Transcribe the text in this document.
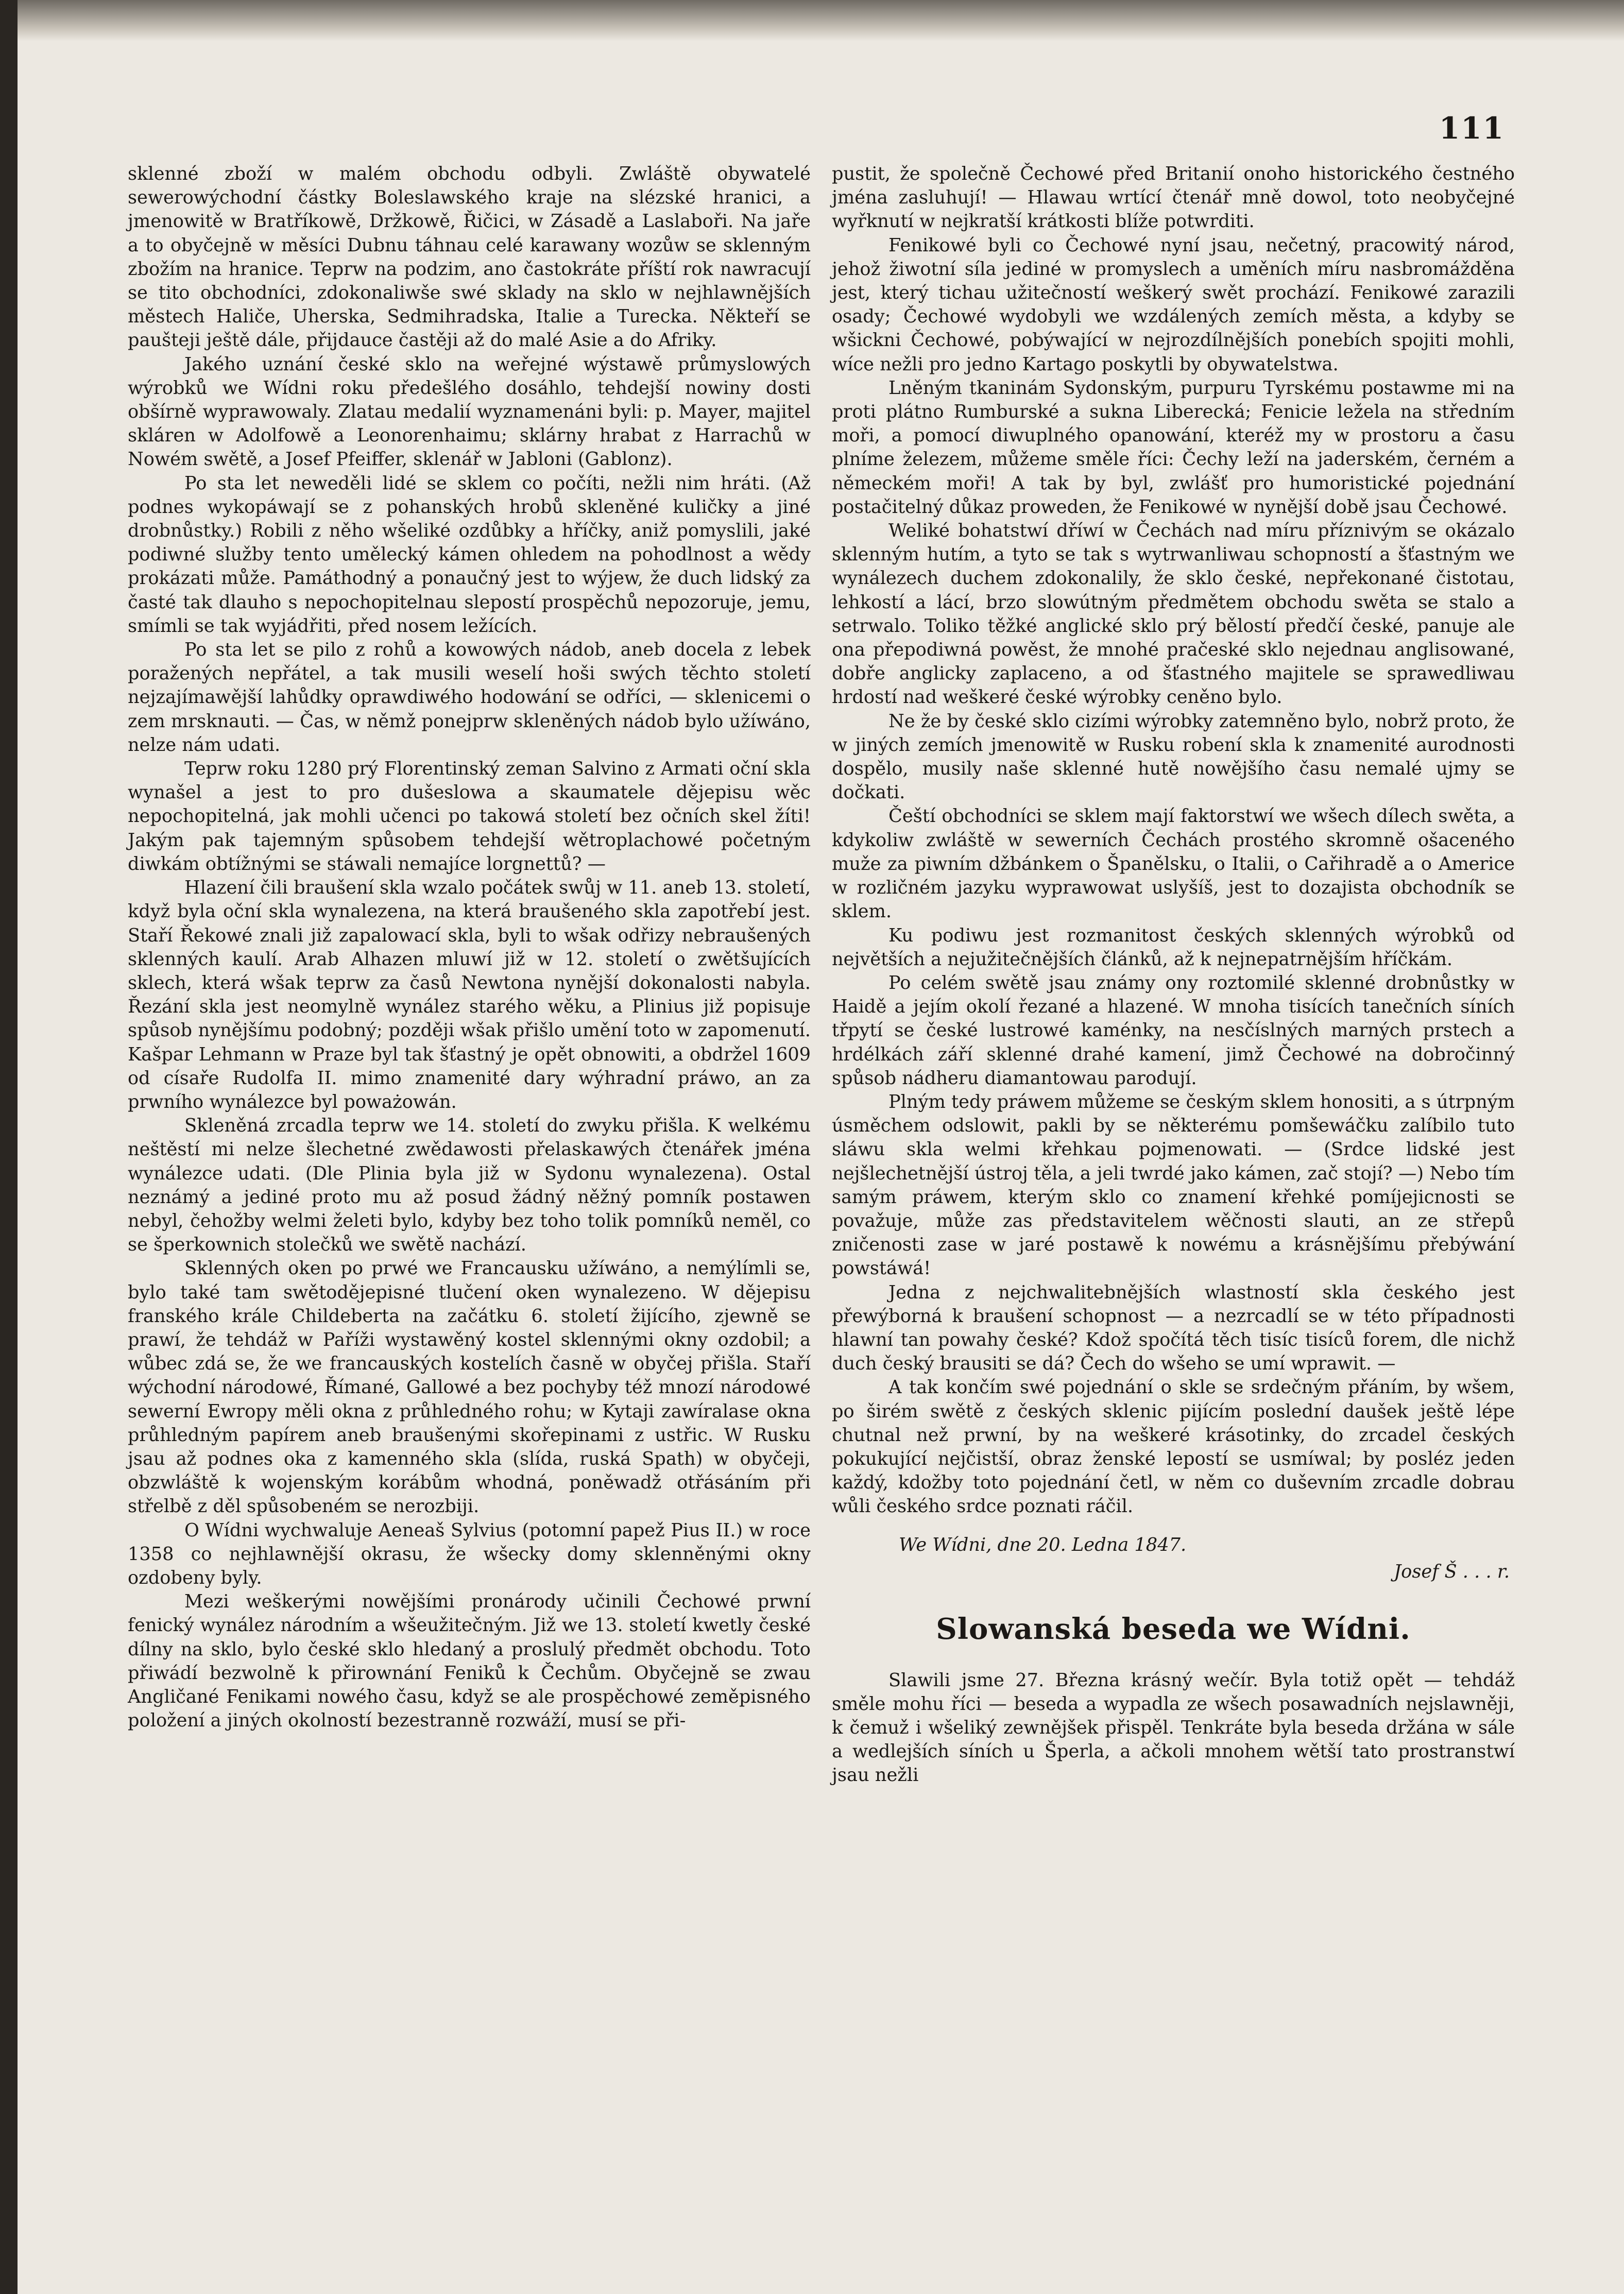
111

sklenné zboží w malém obchodu odbyli. Zwláště obywatelé sewerowýchodní částky Boleslawského kraje na slézské hranici, a jmenowitě w Bratříkowě, Držkowě, Řičici, w Zásadě a Laslaboři. Na jaře a to obyčejně w měsíci Dubnu táhnau celé karawany wozůw se sklenným zbožím na hranice. Teprw na podzim, ano častokráte příští rok nawracují se tito obchodníci, zdokonaliwše swé sklady na sklo w nejhlawnějších městech Haliče, Uherska, Sedmihradska, Italie a Turecka. Někteří se paušteji ještě dále, přijdauce častěji až do malé Asie a do Afriky.

Jakého uznání české sklo na weřejné wýstawě průmyslowých wýrobků we Wídni roku předešlého dosáhlo, tehdejší nowiny dosti obšírně wyprawowaly. Zlatau medalií wyznamenáni byli: p. Mayer, majitel skláren w Adolfowě a Leonorenhaimu; sklárny hrabat z Harrachů w Nowém swětě, a Josef Pfeiffer, sklenář w Jabloni (Gablonz).

Po sta let neweděli lidé se sklem co počíti, nežli nim hráti. (Až podnes wykopáwají se z pohanských hrobů skleněné kuličky a jiné drobnůstky.) Robili z něho wšeliké ozdůbky a hříčky, aniž pomyslili, jaké podiwné služby tento umělecký kámen ohledem na pohodlnost a wědy prokázati může. Památhodný a ponaučný jest to wýjew, že duch lidský za časté tak dlauho s nepochopitelnau slepostí prospěchů nepozoruje, jemu, smímli se tak wyjádřiti, před nosem ležících.

Po sta let se pilo z rohů a kowowých nádob, aneb docela z lebek poražených nepřátel, a tak musili weselí hoši swých těchto století nejzajímawější lahůdky oprawdiwého hodowání se odříci, — sklenicemi o zem mrsknauti. — Čas, w němž ponejprw skleněných nádob bylo užíwáno, nelze nám udati.

Teprw roku 1280 prý Florentinský zeman Salvino z Armati oční skla wynašel a jest to pro dušeslowa a skaumatele dějepisu wěc nepochopitelná, jak mohli učenci po takowá století bez očních skel žíti! Jakým pak tajemným spůsobem tehdejší wětroplachowé početným diwkám obtížnými se stáwali nemajíce lorgnettů? —

Hlazení čili braušení skla wzalo počátek swůj w 11. aneb 13. století, když byla oční skla wynalezena, na která braušeného skla zapotřebí jest. Staří Řekowé znali již zapalowací skla, byli to wšak odřizy nebraušených sklenných kaulí. Arab Alhazen mluwí již w 12. století o zwětšujících sklech, která wšak teprw za časů Newtona nynější dokonalosti nabyla. Řezání skla jest neomylně wynález starého wěku, a Plinius již popisuje spůsob nynějšímu podobný; později wšak přišlo umění toto w zapomenutí. Kašpar Lehmann w Praze byl tak šťastný je opět obnowiti, a obdržel 1609 od císaře Rudolfa II. mimo znamenité dary wýhradní práwo, an za prwního wynálezce byl poważowán.

Skleněná zrcadla teprw we 14. století do zwyku přišla. K welkému neštěstí mi nelze šlechetné zwědawosti přelaskawých čtenářek jména wynálezce udati. (Dle Plinia byla již w Sydonu wynalezena). Ostal neznámý a jediné proto mu až posud žádný něžný pomník postawen nebyl, čehožby welmi želeti bylo, kdyby bez toho tolik pomníků neměl, co se šperkownich stolečků we swětě nachází.

Sklenných oken po prwé we Francausku užíwáno, a nemýlímli se, bylo také tam swětodějepisné tlučení oken wynalezeno. W dějepisu franského krále Childeberta na začátku 6. století žijícího, zjewně se prawí, že tehdáž w Paříži wystawěný kostel sklennými okny ozdobil; a wůbec zdá se, že we francauských kostelích časně w obyčej přišla. Staří wýchodní národowé, Římané, Gallowé a bez pochyby též mnozí národowé sewerní Ewropy měli okna z průhledného rohu; w Kytaji zawíralase okna průhledným papírem aneb braušenými skořepinami z ustřic. W Rusku jsau až podnes oka z kamenného skla (slída, ruská Spath) w obyčeji, obzwláště k wojenským korábům whodná, poněwadž otřásáním při střelbě z děl spůsobeném se nerozbiji.

O Wídni wychwaluje Aeneaš Sylvius (potomní papež Pius II.) w roce 1358 co nejhlawnější okrasu, že wšecky domy sklenněnými okny ozdobeny byly.

Mezi weškerými nowějšími pronárody učinili Čechowé prwní fenický wynález národním a wšeužitečným. Již we 13. století kwetly české dílny na sklo, bylo české sklo hledaný a proslulý předmět obchodu. Toto přiwádí bezwolně k přirownání Feniků k Čechům. Obyčejně se zwau Angličané Fenikami nowého času, když se ale prospěchowé zeměpisného položení a jiných okolností bezestranně rozwáží, musí se při-

pustit, že společně Čechowé před Britanií onoho historického čestného jména zasluhují! — Hlawau wrtící čtenář mně dowol, toto neobyčejné wyřknutí w nejkratší krátkosti blíže potwrditi.

Fenikowé byli co Čechowé nyní jsau, nečetný, pracowitý národ, jehož žiwotní síla jediné w promyslech a uměních míru nasbromážděna jest, který tichau užitečností weškerý swět prochází. Fenikowé zarazili osady; Čechowé wydobyli we wzdálených zemích města, a kdyby se wšickni Čechowé, pobýwající w nejrozdílnějších ponebích spojiti mohli, wíce nežli pro jedno Kartago poskytli by obywatelstwa.

Lněným tkaninám Sydonským, purpuru Tyrskému postawme mi na proti plátno Rumburské a sukna Liberecká; Fenicie ležela na středním moři, a pomocí diwuplného opanowání, kteréž my w prostoru a času plníme železem, můžeme směle říci: Čechy leží na jaderském, černém a německém moři! A tak by byl, zwlášť pro humoristické pojednání postačitelný důkaz proweden, že Fenikowé w nynější době jsau Čechowé.

Weliké bohatstwí dříwí w Čechách nad míru příznivým se okázalo sklenným hutím, a tyto se tak s wytrwanliwau schopností a šťastným we wynálezech duchem zdokonalily, že sklo české, nepřekonané čistotau, lehkostí a lácí, brzo slowútným předmětem obchodu swěta se stalo a setrwalo. Toliko těžké anglické sklo prý bělostí předčí české, panuje ale ona přepodiwná powěst, že mnohé pračeské sklo nejednau anglisowané, dobře anglicky zaplaceno, a od šťastného majitele se sprawedliwau hrdostí nad weškeré české wýrobky ceněno bylo.

Ne že by české sklo cizími wýrobky zatemněno bylo, nobrž proto, že w jiných zemích jmenowitě w Rusku robení skla k znamenité aurodnosti dospělo, musily naše sklenné hutě nowějšího času nemalé ujmy se dočkati.

Čeští obchodníci se sklem mají faktorstwí we wšech dílech swěta, a kdykoliw zwláště w sewerních Čechách prostého skromně ošaceného muže za piwním džbánkem o Španělsku, o Italii, o Cařihradě a o Americe w rozličném jazyku wyprawowat uslyšíš, jest to dozajista obchodník se sklem.

Ku podiwu jest rozmanitost českých sklenných wýrobků od největších a nejužitečnějších článků, až k nejnepatrnějším hříčkám.

Po celém swětě jsau známy ony roztomilé sklenné drobnůstky w Haidě a jejím okolí řezané a hlazené. W mnoha tisících tanečních síních třpytí se české lustrowé kaménky, na nesčíslných marných prstech a hrdélkách září sklenné drahé kamení, jimž Čechowé na dobročinný spůsob nádheru diamantowau parodují.

Plným tedy práwem můžeme se českým sklem honositi, a s útrpným úsměchem odslowit, pakli by se některému pomšewáčku zalíbilo tuto sláwu skla welmi křehkau pojmenowati. — (Srdce lidské jest nejšlechetnější ústroj těla, a jeli twrdé jako kámen, zač stojí? —) Nebo tím samým práwem, kterým sklo co znamení křehké pomíjejicnosti se považuje, může zas představitelem wěčnosti slauti, an ze střepů zničenosti zase w jaré postawě k nowému a krásnějšímu přebýwání powstáwá!

Jedna z nejchwalitebnějších wlastností skla českého jest přewýborná k braušení schopnost — a nezrcadlí se w této případnosti hlawní tan powahy české? Kdož spočítá těch tisíc tisíců forem, dle nichž duch český brausiti se dá? Čech do wšeho se umí wprawit. —

A tak končím swé pojednání o skle se srdečným přáním, by wšem, po širém swětě z českých sklenic pijícím poslední daušek ještě lépe chutnal než prwní, by na weškeré krásotinky, do zrcadel českých pokukující nejčistší, obraz ženské lepostí se usmíwal; by posléz jeden každý, kdožby toto pojednání četl, w něm co duševním zrcadle dobrau wůli českého srdce poznati ráčil.

We Wídni, dne 20. Ledna 1847.

Josef Š . . . r.

Slowanská beseda we Wídni.

Slawili jsme 27. Března krásný wečír. Byla totiž opět — tehdáž směle mohu říci — beseda a wypadla ze wšech posawadních nejslawněji, k čemuž i wšeliký zewnějšek přispěl. Tenkráte byla beseda držána w sále a wedlejších síních u Šperla, a ačkoli mnohem wětší tato prostranstwí jsau nežli
